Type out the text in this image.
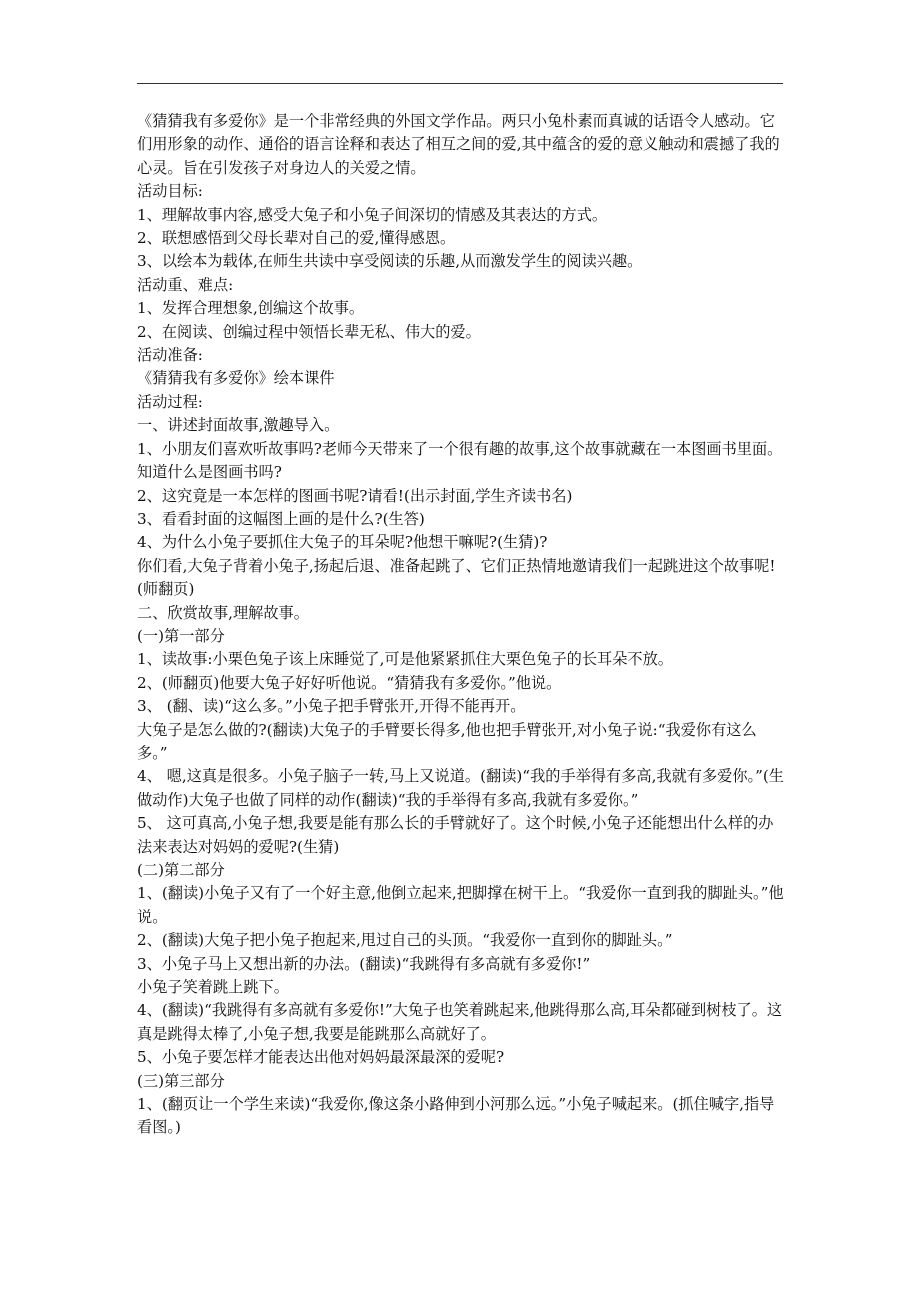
《猜猜我有多爱你》是一个非常经典的外国文学作品。两只小兔朴素而真诚的话语令人感动。它们用形象的动作、通俗的语言诠释和表达了相互之间的爱,其中蕴含的爱的意义触动和震撼了我的心灵。旨在引发孩子对身边人的关爱之情。

活动目标:

1、理解故事内容,感受大兔子和小兔子间深切的情感及其表达的方式。

2、联想感悟到父母长辈对自己的爱,懂得感恩。

3、以绘本为载体,在师生共读中享受阅读的乐趣,从而激发学生的阅读兴趣。

活动重、难点:

1、发挥合理想象,创编这个故事。

2、在阅读、创编过程中领悟长辈无私、伟大的爱。

活动准备:

《猜猜我有多爱你》绘本课件

活动过程:

一、讲述封面故事,激趣导入。

1、小朋友们喜欢听故事吗?老师今天带来了一个很有趣的故事,这个故事就藏在一本图画书里面。知道什么是图画书吗?

2、这究竟是一本怎样的图画书呢?请看!(出示封面,学生齐读书名)

3、看看封面的这幅图上画的是什么?(生答)

4、为什么小兔子要抓住大兔子的耳朵呢?他想干嘛呢?(生猜)?

你们看,大兔子背着小兔子,扬起后退、准备起跳了、它们正热情地邀请我们一起跳进这个故事呢!(师翻页)

二、欣赏故事,理解故事。

(一)第一部分

1、读故事:小栗色兔子该上床睡觉了,可是他紧紧抓住大栗色兔子的长耳朵不放。

2、(师翻页)他要大兔子好好听他说。“猜猜我有多爱你。”他说。

3、 (翻、读)“这么多。”小兔子把手臂张开,开得不能再开。

大兔子是怎么做的?(翻读)大兔子的手臂要长得多,他也把手臂张开,对小兔子说:“我爱你有这么多。”

4、 嗯,这真是很多。小兔子脑子一转,马上又说道。(翻读)“我的手举得有多高,我就有多爱你。”(生做动作)大兔子也做了同样的动作(翻读)“我的手举得有多高,我就有多爱你。”

5、 这可真高,小兔子想,我要是能有那么长的手臂就好了。这个时候,小兔子还能想出什么样的办法来表达对妈妈的爱呢?(生猜)

(二)第二部分

1、(翻读)小兔子又有了一个好主意,他倒立起来,把脚撑在树干上。“我爱你一直到我的脚趾头。”他说。

2、(翻读)大兔子把小兔子抱起来,甩过自己的头顶。“我爱你一直到你的脚趾头。”

3、小兔子马上又想出新的办法。(翻读)“我跳得有多高就有多爱你!”

小兔子笑着跳上跳下。

4、(翻读)“我跳得有多高就有多爱你!”大兔子也笑着跳起来,他跳得那么高,耳朵都碰到树枝了。这真是跳得太棒了,小兔子想,我要是能跳那么高就好了。

5、小兔子要怎样才能表达出他对妈妈最深最深的爱呢?

(三)第三部分

1、(翻页让一个学生来读)“我爱你,像这条小路伸到小河那么远。”小兔子喊起来。(抓住喊字,指导看图。)
